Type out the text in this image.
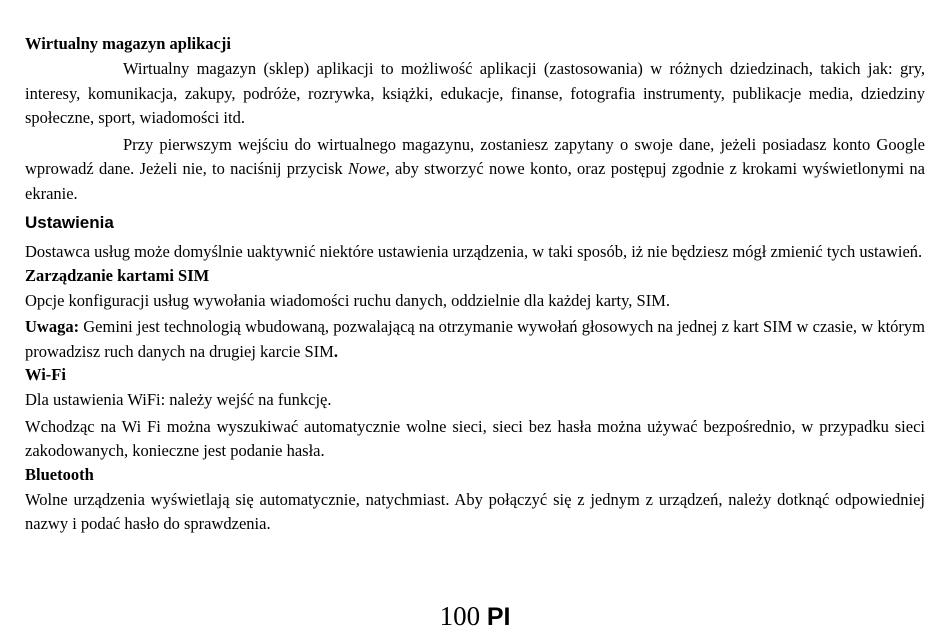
Wirtualny magazyn aplikacji

Wirtualny magazyn (sklep) aplikacji to możliwość aplikacji (zastosowania) w różnych dziedzinach, takich jak: gry, interesy, komunikacja, zakupy, podróże, rozrywka, książki, edukacje, finanse, fotografia instrumenty, publikacje media, dziedziny społeczne, sport, wiadomości itd.

Przy pierwszym wejściu do wirtualnego magazynu, zostaniesz zapytany o swoje dane, jeżeli posiadasz konto Google wprowadź dane. Jeżeli nie, to naciśnij przycisk Nowe, aby stworzyć nowe konto, oraz postępuj zgodnie z krokami wyświetlonymi na ekranie.

Ustawienia

Dostawca usług może domyślnie uaktywnić niektóre ustawienia urządzenia, w taki sposób, iż nie będziesz mógł zmienić tych ustawień.

Zarządzanie kartami SIM

Opcje konfiguracji usług wywołania wiadomości ruchu danych, oddzielnie dla każdej karty, SIM.

Uwaga: Gemini jest technologią wbudowaną, pozwalającą na otrzymanie wywołań głosowych na jednej z kart SIM w czasie, w którym prowadzisz ruch danych na drugiej karcie SIM.

Wi-Fi

Dla ustawienia WiFi: należy wejść na funkcję.

Wchodząc na Wi Fi można wyszukiwać automatycznie wolne sieci, sieci bez hasła można używać bezpośrednio, w przypadku sieci zakodowanych, konieczne jest podanie hasła.

Bluetooth

Wolne urządzenia wyświetlają się automatycznie, natychmiast. Aby połączyć się z jednym z urządzeń, należy dotknąć odpowiedniej nazwy i podać hasło do sprawdzenia.

100 PI
